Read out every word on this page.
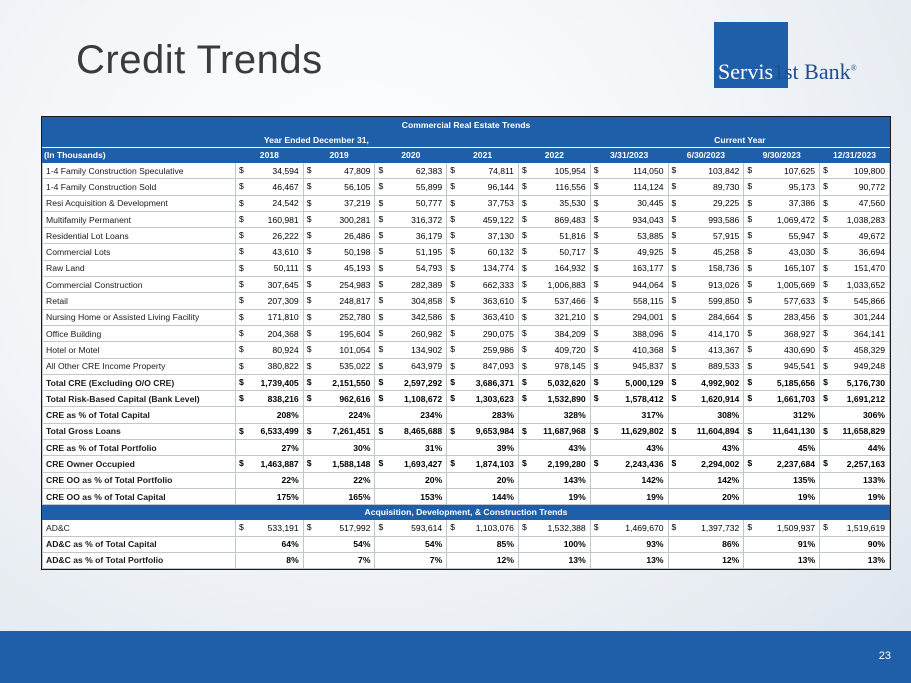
Credit Trends	Servis1st Bank®
Commercial Real Estate Trends									
Year Ended December 31,						Current Year			
(In Thousands)	2018	2019	2020	2021	2022	3/31/2023	6/30/2023	9/30/2023	12/31/2023
1-4 Family Construction Speculative	$ 34,594	$ 47,809	$ 62,383	$ 74,811	$ 105,954	$ 114,050	$ 103,842	$ 107,625	$ 109,800

1-4 Family Construction Sold	$ 46,467	$ 56,105	$ 55,899	$ 96,144	$ 116,556	$ 114,124	$ 89,730	$ 95,173	$ 90,772

Resi Acquisition & Development	$ 24,542	$ 37,219	$ 50,777	$ 37,753	$ 35,530	$ 30,445	$ 29,225	$ 37,386	$ 47,560

Multifamily Permanent	$ 160,981	$ 300,281	$ 316,372	$ 459,122	$ 869,483	$ 934,043	$ 993,586	$ 1,069,472	$ 1,038,283

Residential Lot Loans	$ 26,222	$ 26,486	$ 36,179	$ 37,130	$ 51,816	$ 53,885	$ 57,915	$ 55,947	$ 49,672

Commercial Lots	$ 43,610	$ 50,198	$ 51,195	$ 60,132	$ 50,717	$ 49,925	$ 45,258	$ 43,030	$ 36,694

Raw Land	$ 50,111	$ 45,193	$ 54,793	$ 134,774	$ 164,932	$ 163,177	$ 158,736	$ 165,107	$ 151,470

Commercial Construction	$ 307,645	$ 254,983	$ 282,389	$ 662,333	$ 1,006,883	$ 944,064	$ 913,026	$ 1,005,669	$ 1,033,652

Retail	$ 207,309	$ 248,817	$ 304,858	$ 363,610	$ 537,466	$ 558,115	$ 599,850	$ 577,633	$ 545,866

Nursing Home or Assisted Living Facility	$ 171,810	$ 252,780	$ 342,586	$ 363,410	$ 321,210	$ 294,001	$ 284,664	$ 283,456	$ 301,244

Office Building	$ 204,368	$ 195,604	$ 260,982	$ 290,075	$ 384,209	$ 388,096	$ 414,170	$ 368,927	$ 364,141

Hotel or Motel	$ 80,924	$ 101,054	$ 134,902	$ 259,986	$ 409,720	$ 410,368	$ 413,367	$ 430,690	$ 458,329

All Other CRE Income Property	$ 380,822	$ 535,022	$ 643,979	$ 847,093	$ 978,145	$ 945,837	$ 889,533	$ 945,541	$ 949,248

Total CRE (Excluding O/O CRE)	$ 1,739,405	$ 2,151,550	$ 2,597,292	$ 3,686,371	$ 5,032,620	$ 5,000,129	$ 4,992,902	$ 5,185,656	$ 5,176,730

Total Risk-Based Capital (Bank Level)	$ 838,216	$ 962,616	$ 1,108,672	$ 1,303,623	$ 1,532,890	$ 1,578,412	$ 1,620,914	$ 1,661,703	$ 1,691,212

CRE as % of Total Capital	208%	224%	234%	283%	328%	317%	308%	312%	306%
Total Gross Loans	$ 6,533,499	$ 7,261,451	$ 8,465,688	$ 9,653,984	$ 11,687,968	$ 11,629,802	$ 11,604,894	$ 11,641,130	$ 11,658,829

CRE as % of Total Portfolio	27%	30%	31%	39%	43%	43%	43%	45%	44%
CRE Owner Occupied	$ 1,463,887	$ 1,588,148	$ 1,693,427	$ 1,874,103	$ 2,199,280	$ 2,243,436	$ 2,294,002	$ 2,237,684	$ 2,257,163

CRE OO as % of Total Portfolio	22%	22%	20%	20%	143%	142%	142%	135%	133%
CRE OO as % of Total Capital	175%	165%	153%	144%	19%	19%	20%	19%	19%
Acquisition, Development, & Construction Trends									
AD&C	$ 533,191	$ 517,992	$ 593,614	$ 1,103,076	$ 1,532,388	$ 1,469,670	$ 1,397,732	$ 1,509,937	$ 1,519,619

AD&C as % of Total Capital	64%	54%	54%	85%	100%	93%	86%	91%	90%
AD&C as % of Total Portfolio	8%	7%	7%	12%	13%	13%	12%	13%	13%
23
